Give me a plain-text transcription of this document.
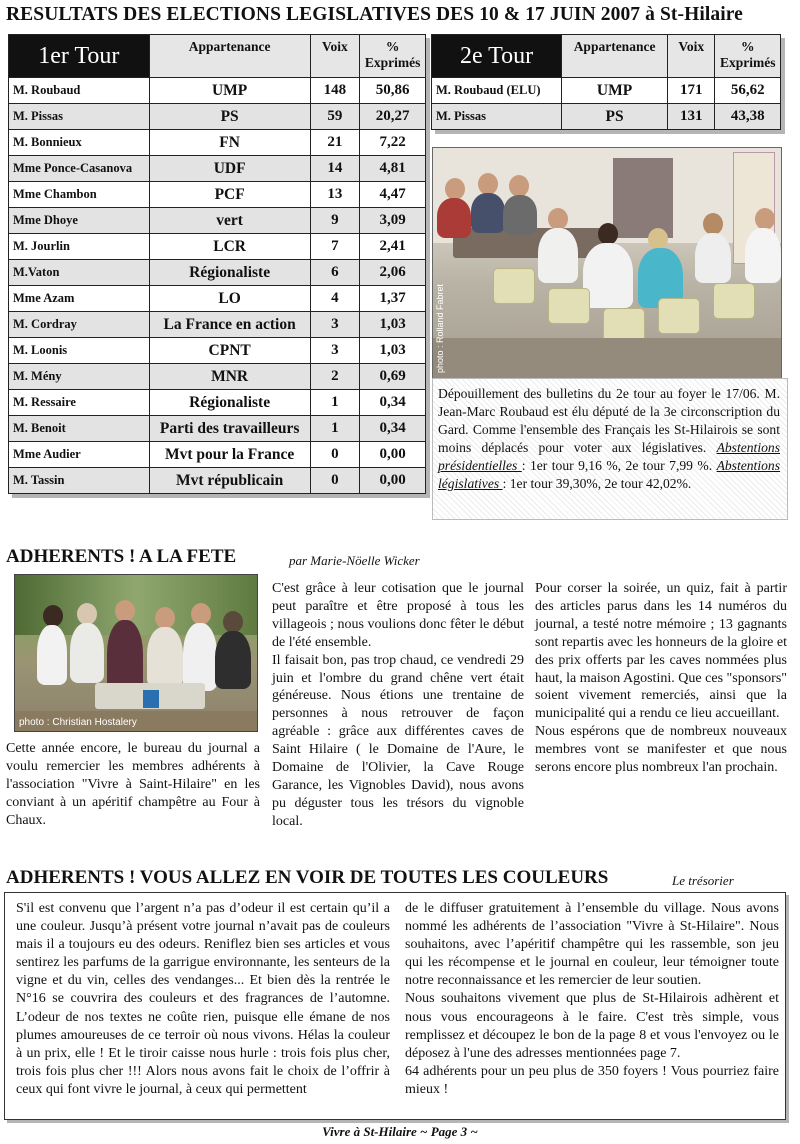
RESULTATS DES ELECTIONS LEGISLATIVES DES 10 & 17 JUIN 2007 à St-Hilaire
1er Tour	Appartenance	Voix	% Exprimés
M. Roubaud	UMP	148	50,86
M. Pissas	PS	59	20,27
M. Bonnieux	FN	21	7,22
Mme Ponce-Casanova	UDF	14	4,81
Mme Chambon	PCF	13	4,47
Mme Dhoye	vert	9	3,09
M. Jourlin	LCR	7	2,41
M.Vaton	Régionaliste	6	2,06
Mme Azam	LO	4	1,37
M. Cordray	La France en action	3	1,03
M. Loonis	CPNT	3	1,03
M. Mény	MNR	2	0,69
M. Ressaire	Régionaliste	1	0,34
M. Benoit	Parti des travailleurs	1	0,34
Mme Audier	Mvt pour la France	0	0,00
M. Tassin	Mvt républicain	0	0,00
2e Tour	Appartenance	Voix	% Exprimés
M. Roubaud (ELU)	UMP	171	56,62
M. Pissas	PS	131	43,38
photo : Rolland Fabret
Dépouillement des bulletins du 2e tour au foyer le 17/06. M. Jean-Marc Roubaud est élu député de la 3e circonscription du Gard. Comme l'ensemble des Français les St-Hilairois se sont moins déplacés pour voter aux législatives. Abstentions présidentielles : 1er tour 9,16 %, 2e tour 7,99 %. Abstentions législatives : 1er tour 39,30%, 2e tour 42,02%.
ADHERENTS ! A LA FETE	par Marie-Nöelle Wicker
photo : Christian Hostalery
Cette année encore, le bureau du journal a voulu remercier les membres adhérents à l'association "Vivre à Saint-Hilaire" en les conviant à un apéritif champêtre au Four à Chaux.
C'est grâce à leur cotisation que le journal peut paraître et être proposé à tous les villageois ; nous voulions donc fêter le début de l'été ensemble.
Il faisait bon, pas trop chaud, ce vendredi 29 juin et l'ombre du grand chêne vert était généreuse. Nous étions une trentaine de personnes à nous retrouver de façon agréable : grâce aux différentes caves de Saint Hilaire ( le Domaine de l'Aure, le Domaine de l'Olivier, la Cave Rouge Garance, les Vignobles David), nous avons pu déguster tous les trésors du vignoble local.
Pour corser la soirée, un quiz, fait à partir des articles parus dans les 14 numéros du journal, a testé notre mémoire ; 13 gagnants sont repartis avec les honneurs de la gloire et des prix offerts par les caves nommées plus haut, la maison Agostini. Que ces "sponsors" soient vivement remerciés, ainsi que la municipalité qui a rendu ce lieu accueillant.
Nous espérons que de nombreux nouveaux membres vont se manifester et que nous serons encore plus nombreux l'an prochain.
ADHERENTS ! VOUS ALLEZ EN VOIR DE TOUTES LES COULEURS	Le trésorier
S'il est convenu que l’argent n’a pas d’odeur il est certain qu’il a une couleur. Jusqu’à présent votre journal n’avait pas de couleurs mais il a toujours eu des odeurs. Reniflez bien ses articles et vous sentirez les parfums de la garrigue environnante, les senteurs de la vigne et du vin, celles des vendanges... Et bien dès la rentrée le N°16 se couvrira des couleurs et des fragrances de l’automne. L’odeur de nos textes ne coûte rien, puisque elle émane de nos plumes amoureuses de ce terroir où nous vivons. Hélas la couleur à un prix, elle ! Et le tiroir caisse nous hurle : trois fois plus cher, trois fois plus cher !!! Alors nous avons fait le choix de l’offrir à ceux qui font vivre le journal, à ceux qui permettent
de le diffuser gratuitement à l’ensemble du village. Nous avons nommé les adhérents de l’association "Vivre à St-Hilaire". Nous souhaitons, avec l’apéritif champêtre qui les rassemble, son jeu qui les récompense et le journal en couleur, leur témoigner toute notre reconnaissance et les remercier de leur soutien.
Nous souhaitons vivement que plus de St-Hilairois adhèrent et nous vous encourageons à le faire. C'est très simple, vous remplissez et découpez le bon de la page 8 et vous l'envoyez ou le déposez à l'une des adresses mentionnées page 7.
64 adhérents pour un peu plus de 350 foyers ! Vous pourriez faire mieux !
Vivre à St-Hilaire ~ Page 3 ~
